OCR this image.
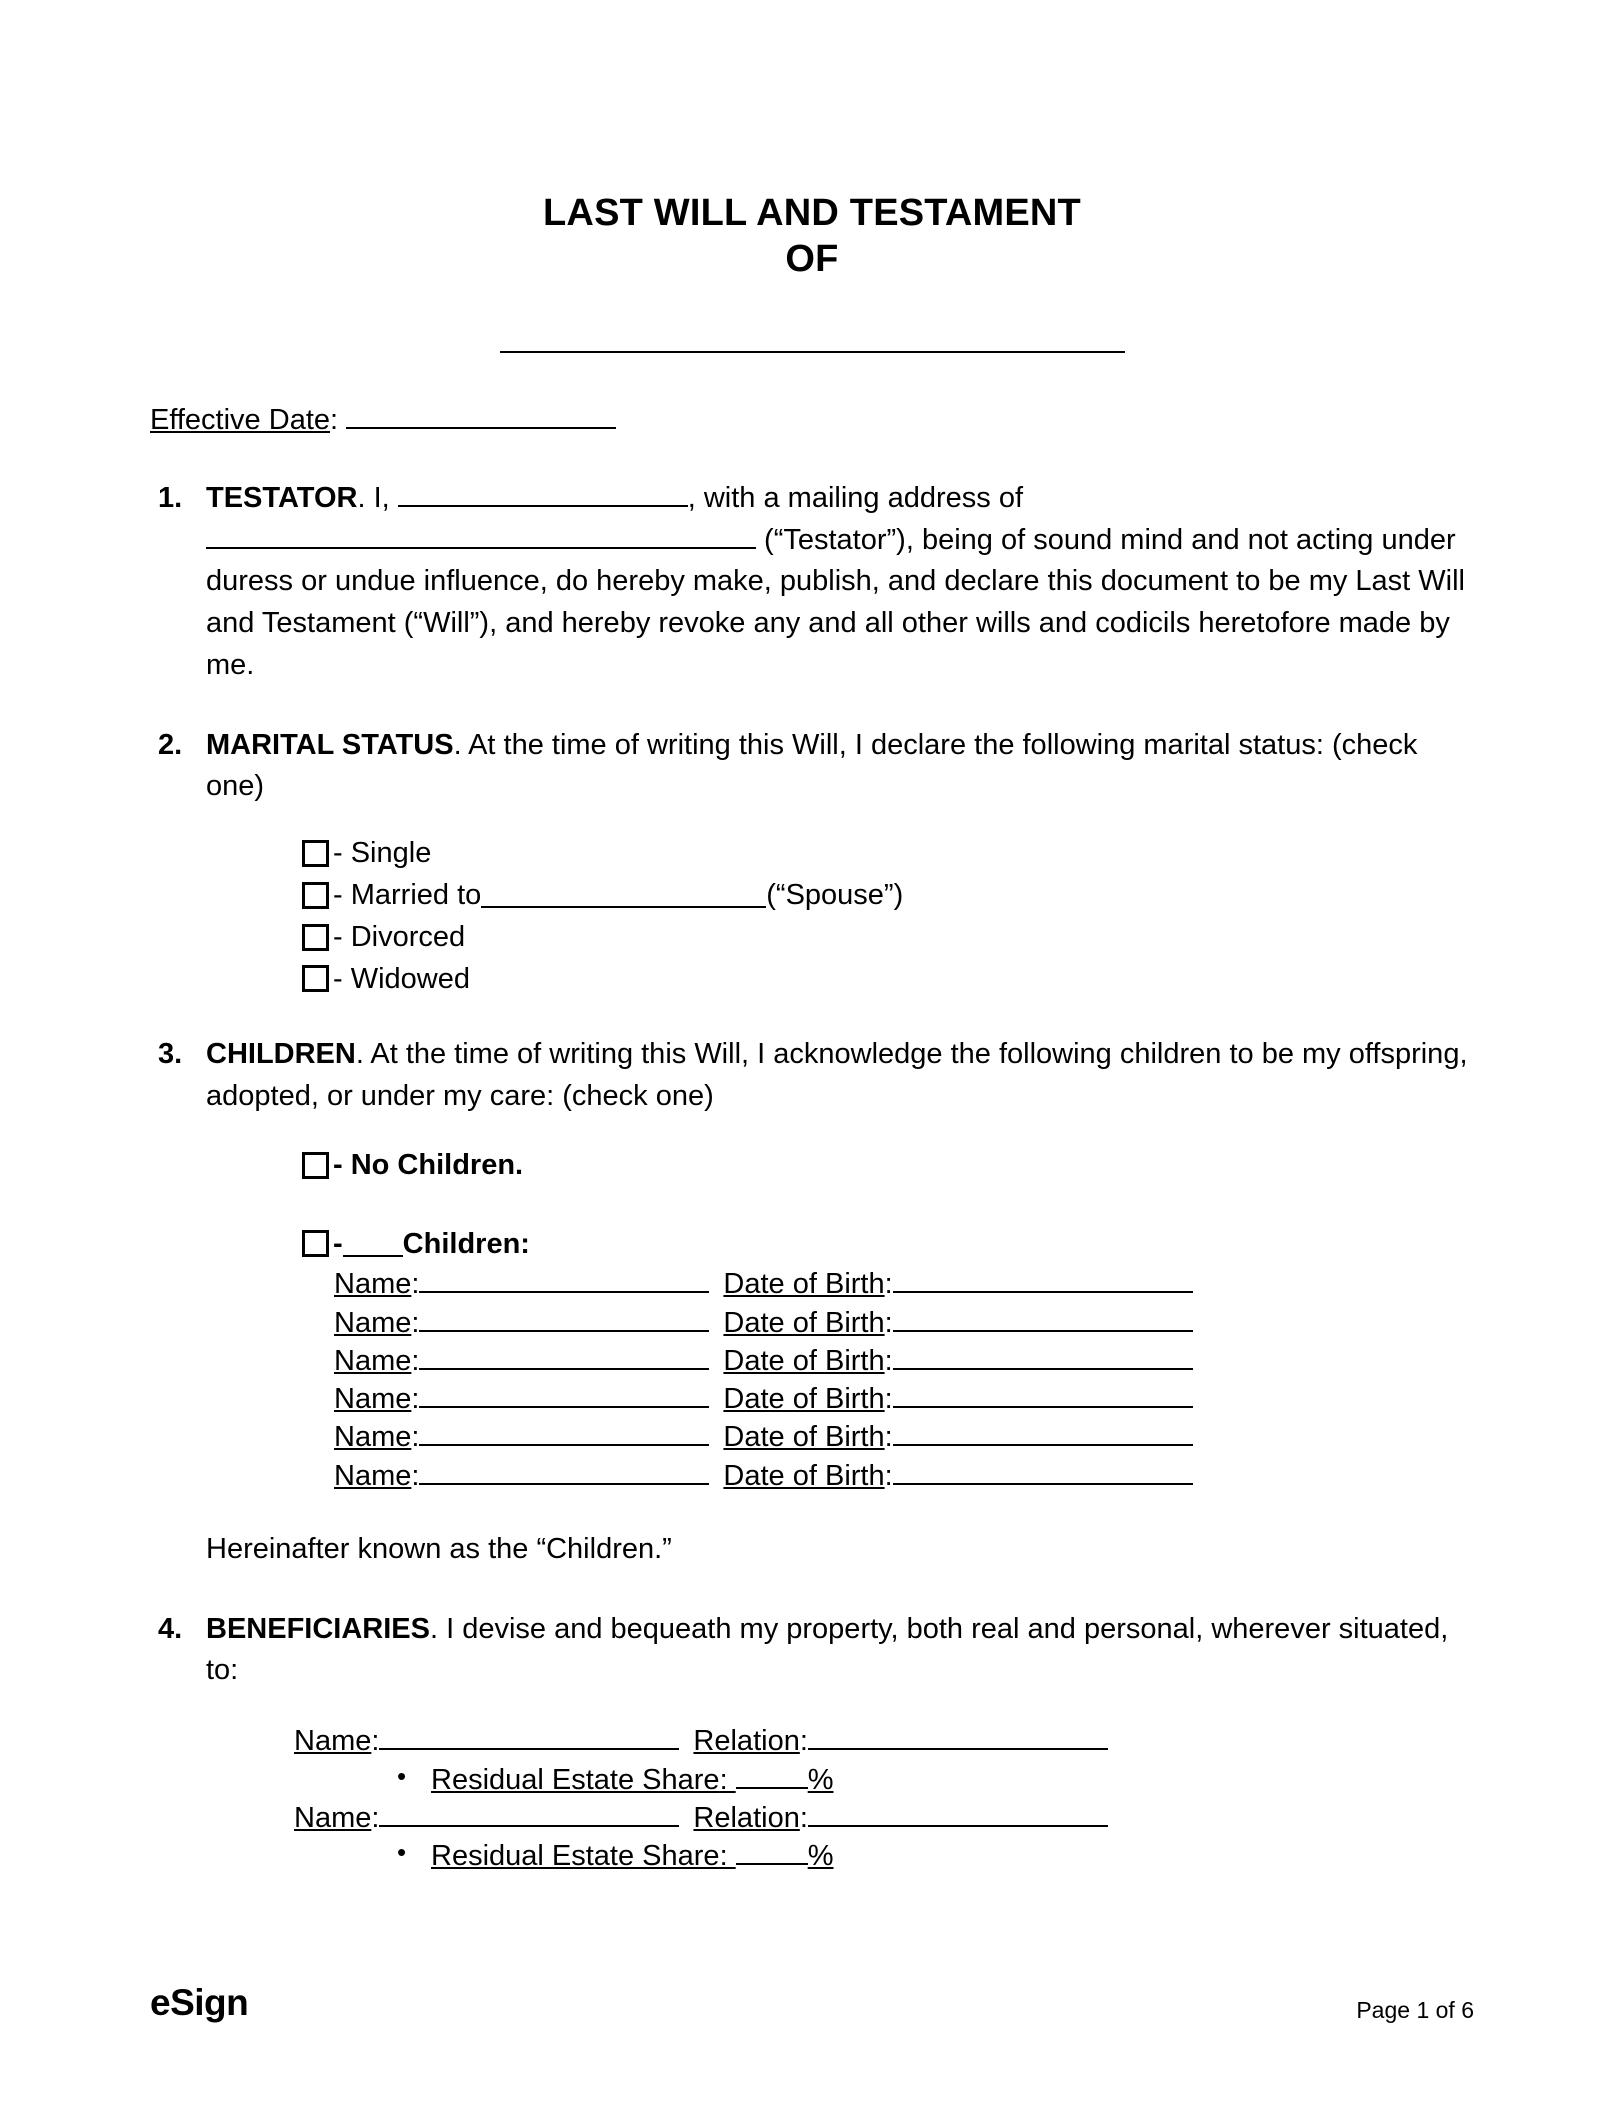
LAST WILL AND TESTAMENT
OF
Effective Date:
TESTATOR. I,	, with a mailing address of
(“Testator”), being of sound mind and not acting under duress or undue influence, do hereby make, publish, and declare this document to be my Last Will and Testament (“Will”), and hereby revoke any and all other wills and codicils heretofore made by me.
MARITAL STATUS. At the time of writing this Will, I declare the following marital status: (check one)
- Single
- Married to	(“Spouse”)
- Divorced
- Widowed
CHILDREN. At the time of writing this Will, I acknowledge the following children to be my offspring, adopted, or under my care: (check one)
- No Children.
- Children:
Name :	Date of Birth :
Name :	Date of Birth :
Name :	Date of Birth :
Name :	Date of Birth :
Name :	Date of Birth :
Name :	Date of Birth :
Hereinafter known as the “Children.”
BENEFICIARIES. I devise and bequeath my property, both real and personal, wherever situated, to:
Name :	Relation :
• Residual Estate Share: %
Name :	Relation :
• Residual Estate Share: %
eSign	Page 1 of 6
